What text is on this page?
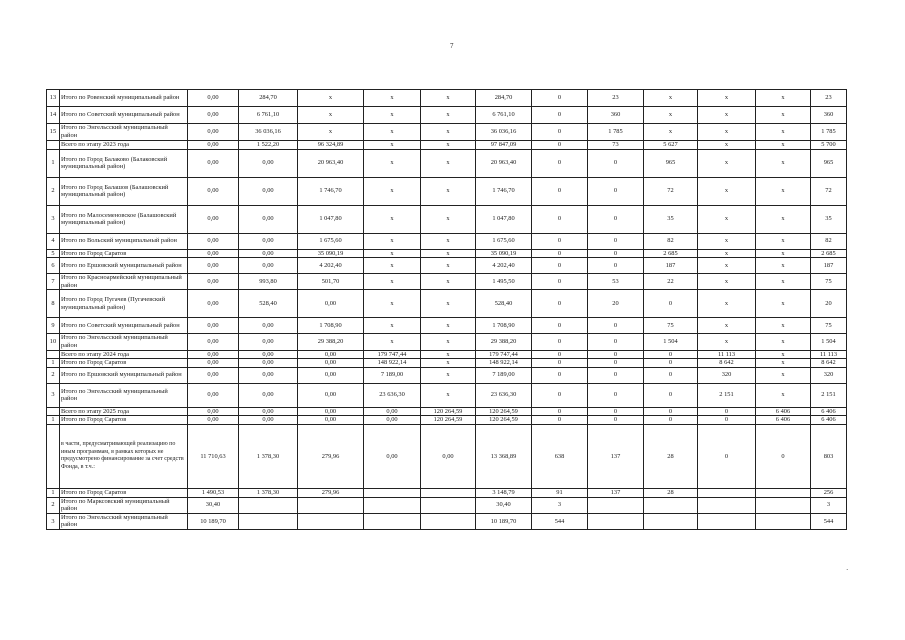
7
13	Итого по Ровенский муниципальный район	0,00	284,70	x	x	x	284,70	0	23	x	x	x	23
14	Итого по Советский муниципальный район	0,00	6 761,10	x	x	x	6 761,10	0	360	x	x	x	360
15	Итого по Энгельсский муниципальный район	0,00	36 036,16	x	x	x	36 036,16	0	1 785	x	x	x	1 785
	Всего по этапу 2023 года	0,00	1 522,20	96 324,89	x	x	97 847,09	0	73	5 627	x	x	5 700
1	Итого по Город Балаково (Балаковский муниципальный район)	0,00	0,00	20 963,40	x	x	20 963,40	0	0	965	x	x	965
2	Итого по Город Балашов (Балашовский муниципальный район)	0,00	0,00	1 746,70	x	x	1 746,70	0	0	72	x	x	72
3	Итого по Малосеменовское (Балашовский муниципальный район)	0,00	0,00	1 047,80	x	x	1 047,80	0	0	35	x	x	35
4	Итого по Вольский муниципальный район	0,00	0,00	1 675,60	x	x	1 675,60	0	0	82	x	x	82
5	Итого по Город Саратов	0,00	0,00	35 090,19	x	x	35 090,19	0	0	2 685	x	x	2 685
6	Итого по Ершовский муниципальный район	0,00	0,00	4 202,40	x	x	4 202,40	0	0	187	x	x	187
7	Итого по Красноармейский муниципальный район	0,00	993,80	501,70	x	x	1 495,50	0	53	22	x	x	75
8	Итого по Город Пугачев (Пугачевский муниципальный район)	0,00	528,40	0,00	x	x	528,40	0	20	0	x	x	20
9	Итого по Советский муниципальный район	0,00	0,00	1 708,90	x	x	1 708,90	0	0	75	x	x	75
10	Итого по Энгельсский муниципальный район	0,00	0,00	29 388,20	x	x	29 388,20	0	0	1 504	x	x	1 504
	Всего по этапу 2024 года	0,00	0,00	0,00	179 747,44	x	179 747,44	0	0	0	11 113	x	11 113
1	Итого по Город Саратов	0,00	0,00	0,00	148 922,14	x	148 922,14	0	0	0	8 642	x	8 642
2	Итого по Ершовский муниципальный район	0,00	0,00	0,00	7 189,00	x	7 189,00	0	0	0	320	x	320
3	Итого по Энгельсский муниципальный район	0,00	0,00	0,00	23 636,30	x	23 636,30	0	0	0	2 151	x	2 151
	Всего по этапу 2025 года	0,00	0,00	0,00	0,00	120 264,59	120 264,59	0	0	0	0	6 406	6 406
1	Итого по Город Саратов	0,00	0,00	0,00	0,00	120 264,59	120 264,59	0	0	0	0	6 406	6 406
	в части, предусматривающей реализацию по иным программам, в рамках которых не предусмотрено финансирование за счет средств Фонда, в т.ч.:	11 710,63	1 378,30	279,96	0,00	0,00	13 368,89	638	137	28	0	0	803
1	Итого по Город Саратов	1 490,53	1 378,30	279,96			3 148,79	91	137	28			256
2	Итого по Марксовский муниципальный район	30,40					30,40	3					3
3	Итого по Энгельсский муниципальный район	10 189,70					10 189,70	544					544
·
